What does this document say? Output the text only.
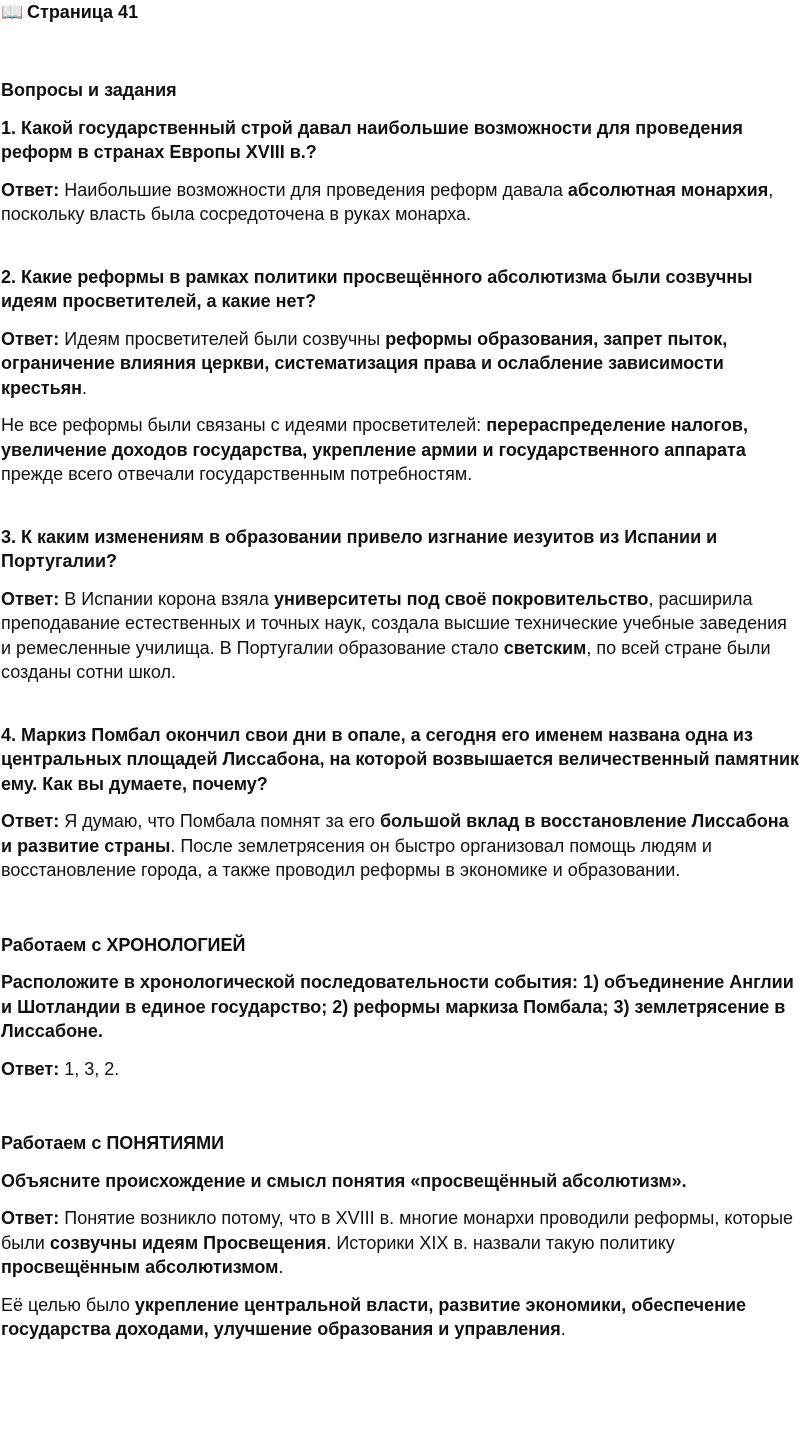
📖 Страница 41
Вопросы и задания
1. Какой государственный строй давал наибольшие возможности для проведения реформ в странах Европы XVIII в.?
Ответ: Наибольшие возможности для проведения реформ давала абсолютная монархия, поскольку власть была сосредоточена в руках монарха.
2. Какие реформы в рамках политики просвещённого абсолютизма были созвучны идеям просветителей, а какие нет?
Ответ: Идеям просветителей были созвучны реформы образования, запрет пыток, ограничение влияния церкви, систематизация права и ослабление зависимости крестьян.
Не все реформы были связаны с идеями просветителей: перераспределение налогов, увеличение доходов государства, укрепление армии и государственного аппарата прежде всего отвечали государственным потребностям.
3. К каким изменениям в образовании привело изгнание иезуитов из Испании и Португалии?
Ответ: В Испании корона взяла университеты под своё покровительство, расширила преподавание естественных и точных наук, создала высшие технические учебные заведения и ремесленные училища. В Португалии образование стало светским, по всей стране были созданы сотни школ.
4. Маркиз Помбал окончил свои дни в опале, а сегодня его именем названа одна из центральных площадей Лиссабона, на которой возвышается величественный памятник ему. Как вы думаете, почему?
Ответ: Я думаю, что Помбала помнят за его большой вклад в восстановление Лиссабона и развитие страны. После землетрясения он быстро организовал помощь людям и восстановление города, а также проводил реформы в экономике и образовании.
Работаем с ХРОНОЛОГИЕЙ
Расположите в хронологической последовательности события: 1) объединение Англии и Шотландии в единое государство; 2) реформы маркиза Помбала; 3) землетрясение в Лиссабоне.
Ответ: 1, 3, 2.
Работаем с ПОНЯТИЯМИ
Объясните происхождение и смысл понятия «просвещённый абсолютизм».
Ответ: Понятие возникло потому, что в XVIII в. многие монархи проводили реформы, которые были созвучны идеям Просвещения. Историки XIX в. назвали такую политику просвещённым абсолютизмом.
Её целью было укрепление центральной власти, развитие экономики, обеспечение государства доходами, улучшение образования и управления.
